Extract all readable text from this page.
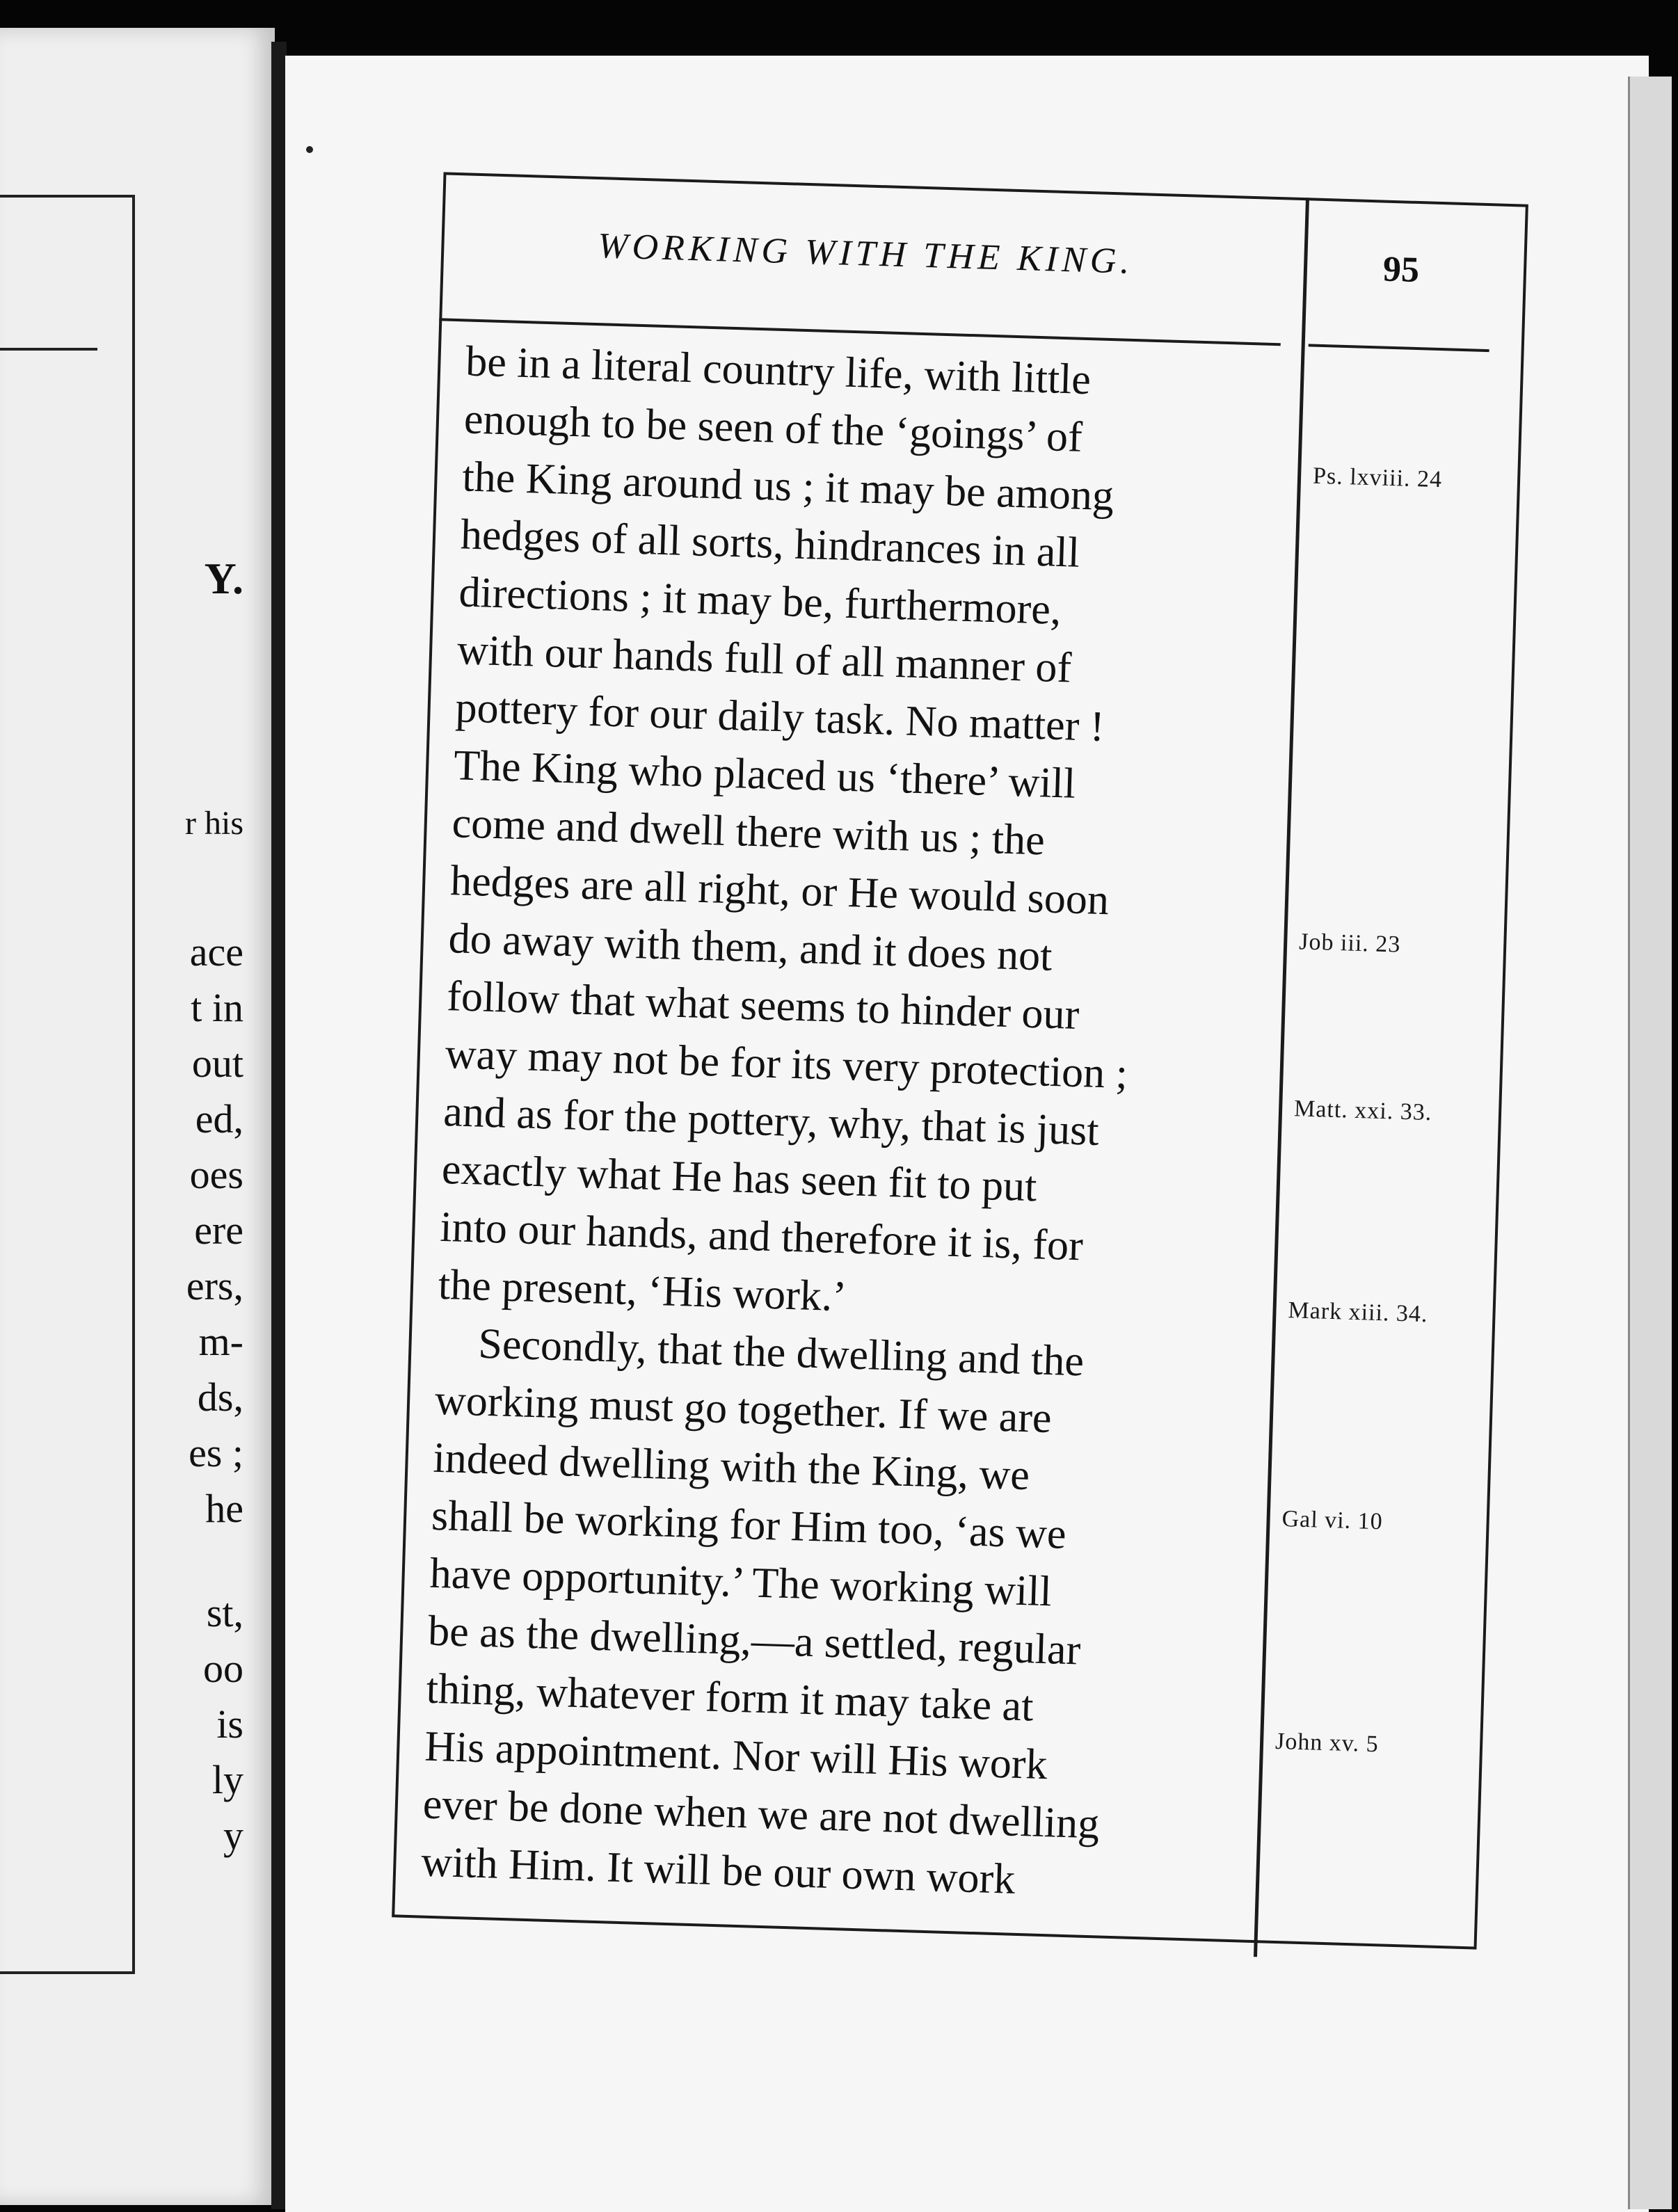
Y.
r his
ace
t in
out
ed,
oes
ere
ers,
m-
ds,
es ;
he
st,
oo
is
ly
y
WORKING WITH THE KING.	95
be in a literal country life, with little
enough to be seen of the ‘goings’ of
the King around us ; it may be among
hedges of all sorts, hindrances in all
directions ; it may be, furthermore,
with our hands full of all manner of
pottery for our daily task. No matter !
The King who placed us ‘there’ will
come and dwell there with us ; the
hedges are all right, or He would soon
do away with them, and it does not
follow that what seems to hinder our
way may not be for its very protection ;
and as for the pottery, why, that is just
exactly what He has seen fit to put
into our hands, and therefore it is, for
the present, ‘His work.’
Secondly, that the dwelling and the
working must go together. If we are
indeed dwelling with the King, we
shall be working for Him too, ‘as we
have opportunity.’ The working will
be as the dwelling,—a settled, regular
thing, whatever form it may take at
His appointment. Nor will His work
ever be done when we are not dwelling
with Him. It will be our own work
Ps. lxviii. 24
Job iii. 23
Matt. xxi. 33.
Mark xiii. 34.
Gal vi. 10
John xv. 5
